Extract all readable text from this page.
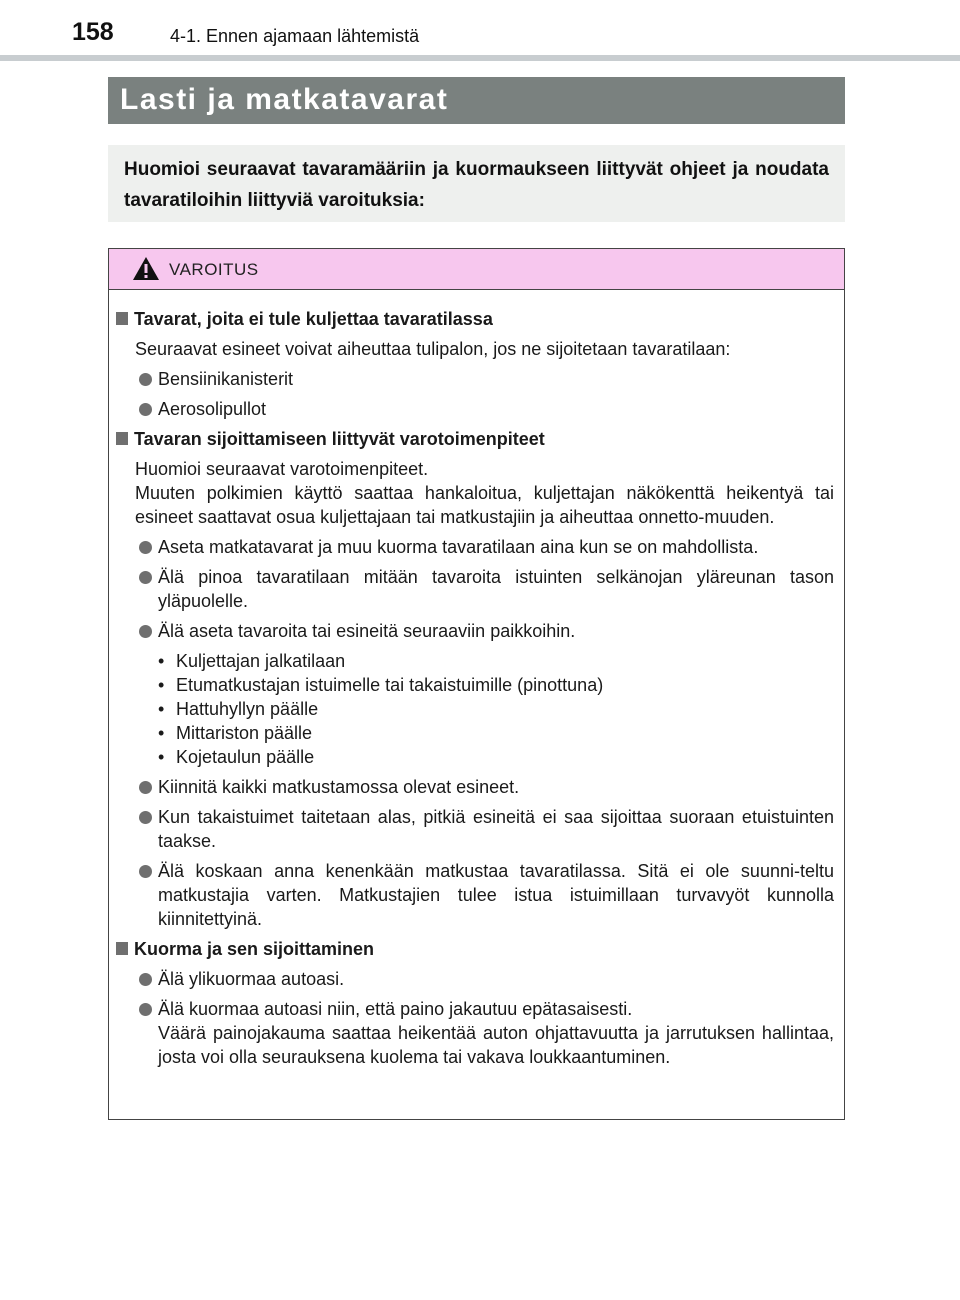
158	4-1. Ennen ajamaan lähtemistä
Lasti ja matkatavarat
Huomioi seuraavat tavaramääriin ja kuormaukseen liittyvät ohjeet ja noudata tavaratiloihin liittyviä varoituksia:
VAROITUS
Tavarat, joita ei tule kuljettaa tavaratilassa

Seuraavat esineet voivat aiheuttaa tulipalon, jos ne sijoitetaan tavaratilaan:

Bensiinikanisterit
Aerosolipullot
Tavaran sijoittamiseen liittyvät varotoimenpiteet

Huomioi seuraavat varotoimenpiteet.

Muuten polkimien käyttö saattaa hankaloitua, kuljettajan näkökenttä heikentyä tai esineet saattavat osua kuljettajaan tai matkustajiin ja aiheuttaa onnetto-muuden.

Aseta matkatavarat ja muu kuorma tavaratilaan aina kun se on mahdollista.
Älä pinoa tavaratilaan mitään tavaroita istuinten selkänojan yläreunan tason yläpuolelle.
Älä aseta tavaroita tai esineitä seuraaviin paikkoihin.
• Kuljettajan jalkatilaan
• Etumatkustajan istuimelle tai takaistuimille (pinottuna)
• Hattuhyllyn päälle
• Mittariston päälle
• Kojetaulun päälle
Kiinnitä kaikki matkustamossa olevat esineet.
Kun takaistuimet taitetaan alas, pitkiä esineitä ei saa sijoittaa suoraan etuistuinten taakse.
Älä koskaan anna kenenkään matkustaa tavaratilassa. Sitä ei ole suunni-teltu matkustajia varten. Matkustajien tulee istua istuimillaan turvavyöt kunnolla kiinnitettyinä.
Kuorma ja sen sijoittaminen
Älä ylikuormaa autoasi.
Älä kuormaa autoasi niin, että paino jakautuu epätasaisesti.
Väärä painojakauma saattaa heikentää auton ohjattavuutta ja jarrutuksen hallintaa, josta voi olla seurauksena kuolema tai vakava loukkaantuminen.
